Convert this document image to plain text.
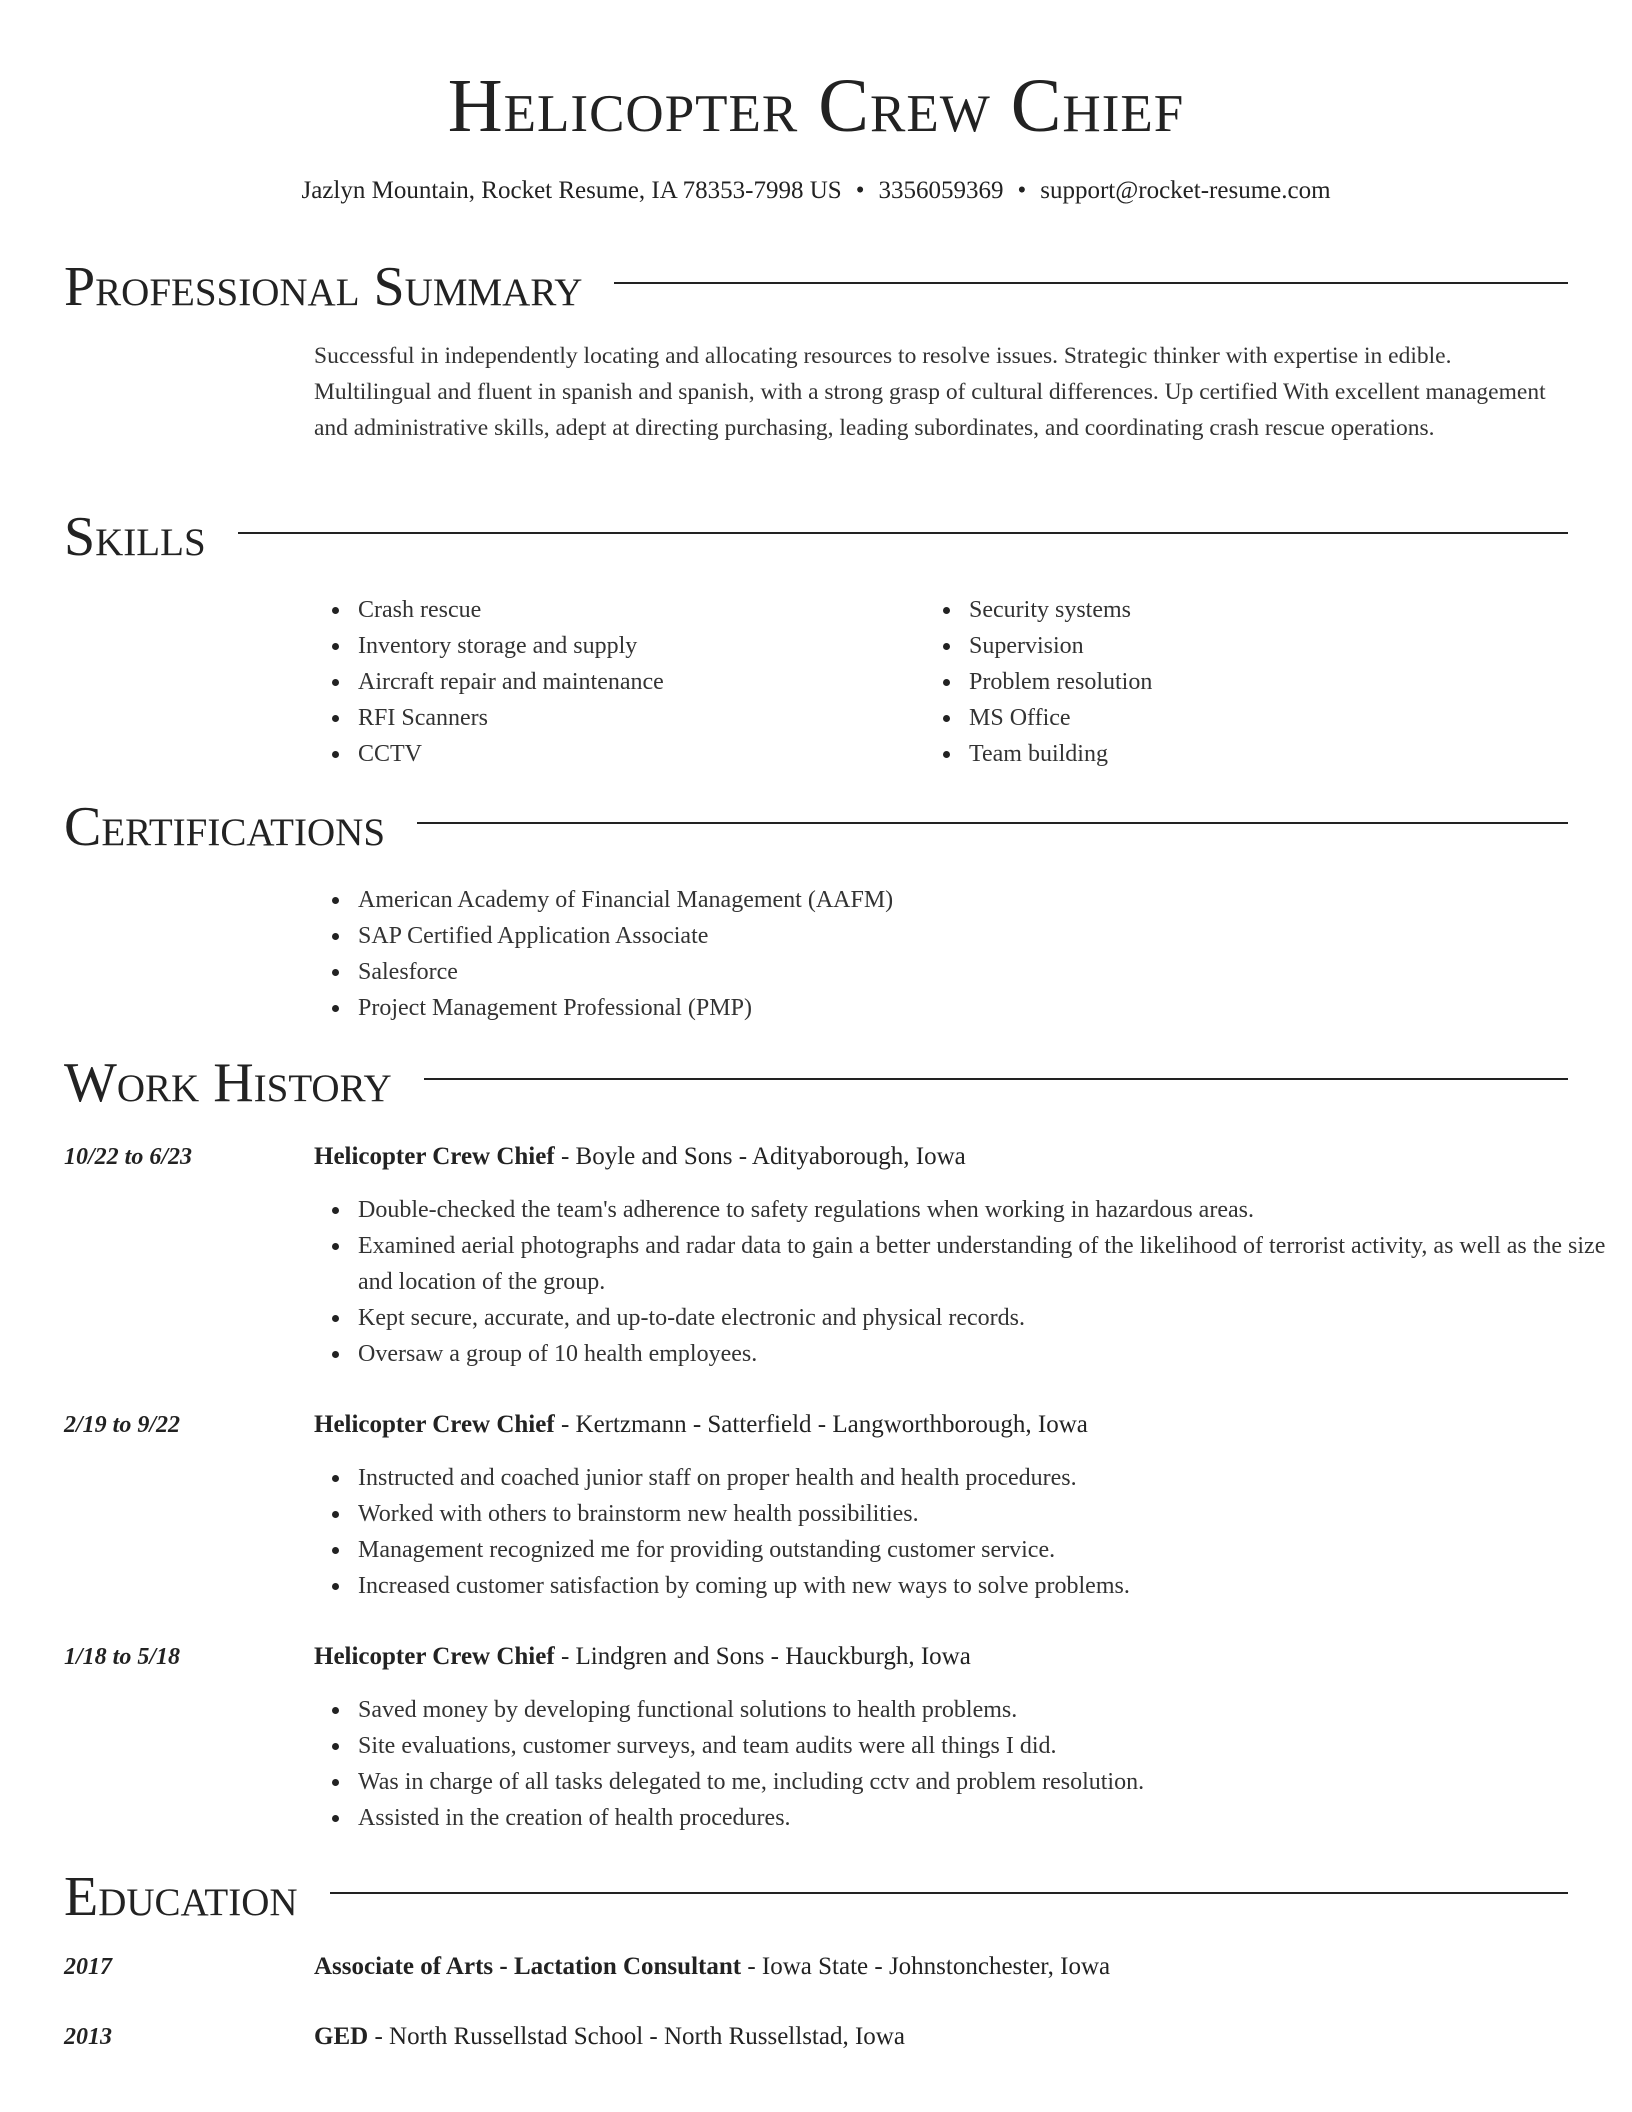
Helicopter Crew Chief
Jazlyn Mountain, Rocket Resume, IA 78353-7998 US • 3356059369 • support@rocket-resume.com
Professional Summary

Successful in independently locating and allocating resources to resolve issues. Strategic thinker with expertise in edible. Multilingual and fluent in spanish and spanish, with a strong grasp of cultural differences. Up certified With excellent management and administrative skills, adept at directing purchasing, leading subordinates, and coordinating crash rescue operations.

Skills
Crash rescue
Inventory storage and supply
Aircraft repair and maintenance
RFI Scanners
CCTV
Security systems
Supervision
Problem resolution
MS Office
Team building
Certifications
American Academy of Financial Management (AAFM)
SAP Certified Application Associate
Salesforce
Project Management Professional (PMP)
Work History
10/22 to 6/23	Helicopter Crew Chief - Boyle and Sons - Adityaborough, Iowa
Double-checked the team's adherence to safety regulations when working in hazardous areas.
Examined aerial photographs and radar data to gain a better understanding of the likelihood of terrorist activity, as well as the size and location of the group.
Kept secure, accurate, and up-to-date electronic and physical records.
Oversaw a group of 10 health employees.
2/19 to 9/22	Helicopter Crew Chief - Kertzmann - Satterfield - Langworthborough, Iowa
Instructed and coached junior staff on proper health and health procedures.
Worked with others to brainstorm new health possibilities.
Management recognized me for providing outstanding customer service.
Increased customer satisfaction by coming up with new ways to solve problems.
1/18 to 5/18	Helicopter Crew Chief - Lindgren and Sons - Hauckburgh, Iowa
Saved money by developing functional solutions to health problems.
Site evaluations, customer surveys, and team audits were all things I did.
Was in charge of all tasks delegated to me, including cctv and problem resolution.
Assisted in the creation of health procedures.
Education
2017	Associate of Arts - Lactation Consultant - Iowa State - Johnstonchester, Iowa
2013	GED - North Russellstad School - North Russellstad, Iowa
